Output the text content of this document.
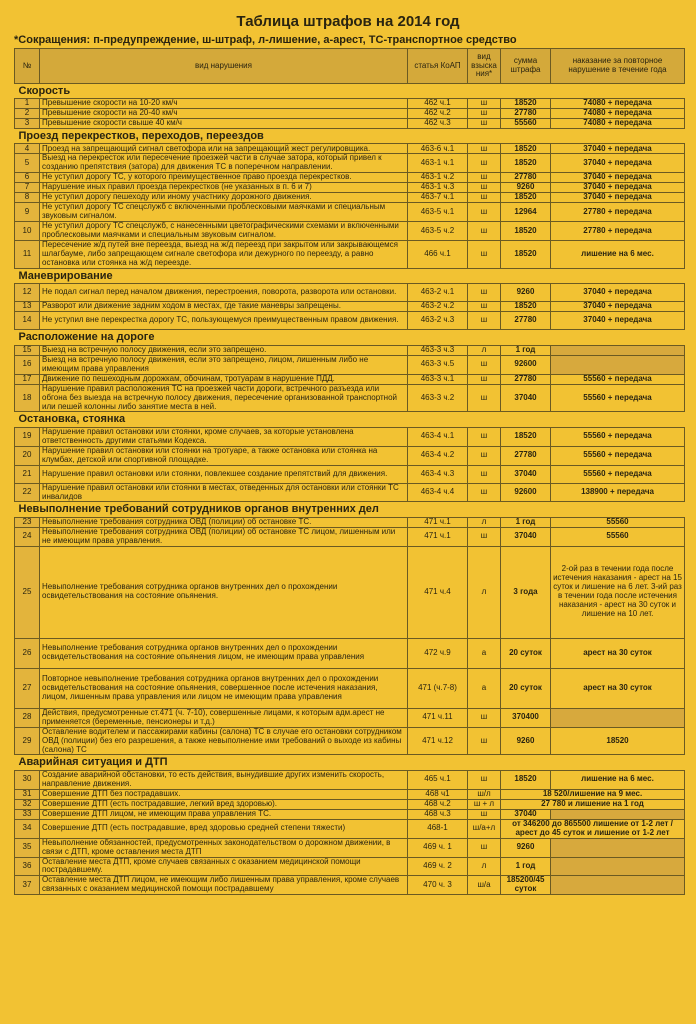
Таблица штрафов на 2014 год
*Сокращения: п-предупреждение, ш-штраф, л-лишение, а-арест, ТС-транспортное средство
№	вид нарушения	статья КоАП	вид взыска ния*	сумма штрафа	наказание за повторное нарушение в течение года
Скорость					
1	Превышение скорости на 10-20 км/ч	462 ч.1	ш	18520	74080 + передача
2	Превышение скорости на 20-40 км/ч	462 ч.2	ш	27780	74080 + передача
3	Превышение скорости свыше 40 км/ч	462 ч.3	ш	55560	74080 + передача
Проезд перекрестков, переходов, переездов					
4	Проезд на запрещающий сигнал светофора или на запрещающий жест регулировщика.	463-6 ч.1	ш	18520	37040 + передача
5	Выезд на перекресток или пересечение проезжей части в случае затора, который привел к созданию препятствия (затора) для движения ТС в поперечном направлении.	463-1 ч.1	ш	18520	37040 + передача
6	Не уступил дорогу ТС, у которого преимущественное право проезда перекрестков.	463-1 ч.2	ш	27780	37040 + передача
7	Нарушение иных правил проезда перекрестков (не указанных в п. 6 и 7)	463-1 ч.3	ш	9260	37040 + передача
8	Не уступил дорогу пешеходу или иному участнику дорожного движения.	463-7 ч.1	ш	18520	37040 + передача
9	Не уступил дорогу ТС спецслужб с включенными проблесковыми маячками и специальным звуковым сигналом.	463-5 ч.1	ш	12964	27780 + передача
10	Не уступил дорогу ТС спецслужб, с нанесенными цветографическими схемами и включенными проблесковыми маячками и специальным звуковым сигналом.	463-5 ч.2	ш	18520	27780 + передача
11	Пересечение ж/д путей вне переезда, выезд на ж/д переезд при закрытом или закрывающемся шлагбауме, либо запрещающем сигнале светофора или дежурного по переезду, а равно остановка или стоянка на ж/д переезде.	466 ч.1	ш	18520	лишение на 6 мес.
Маневрирование					
12	Не подал сигнал перед началом движения, перестроения, поворота, разворота или остановки.	463-2 ч.1	ш	9260	37040 + передача
13	Разворот или движение задним ходом в местах, где такие маневры запрещены.	463-2 ч.2	ш	18520	37040 + передача
14	Не уступил вне перекрестка дорогу ТС, пользующемуся преимущественным правом движения.	463-2 ч.3	ш	27780	37040 + передача
Расположение на дороге					
15	Выезд на встречную полосу движения, если это запрещено.	463-3 ч.3	л	1 год	
16	Выезд на встречную полосу движения, если это запрещено, лицом, лишенным либо не имеющим права управления	463-3 ч.5	ш	92600	
17	Движение по пешеходным дорожкам, обочинам, тротуарам в нарушение ПДД.	463-3 ч.1	ш	27780	55560 + передача
18	Нарушение правил расположения ТС на проезжей части дороги, встречного разъезда или обгона без выезда на встречную полосу движения, пересечение организованной транспортной или пешей колонны либо занятие места в ней.	463-3 ч.2	ш	37040	55560 + передача
Остановка, стоянка					
19	Нарушение правил остановки или стоянки, кроме случаев, за которые установлена ответственность другими статьями Кодекса.	463-4 ч.1	ш	18520	55560 + передача
20	Нарушение правил остановки или стоянки на тротуаре, а также остановка или стоянка на клумбах, детской или спортивной площадке.	463-4 ч.2	ш	27780	55560 + передача
21	Нарушение правил остановки или стоянки, повлекшее создание препятствий для движения.	463-4 ч.3	ш	37040	55560 + передача
22	Нарушение правил остановки или стоянки в местах, отведенных для остановки или стоянки ТС инвалидов	463-4 ч.4	ш	92600	138900 + передача
Невыполнение требований сотрудников органов внутренних дел					
23	Невыполнение требования сотрудника ОВД (полиции) об остановке ТС.	471 ч.1	л	1 год	55560
24	Невыполнение требования сотрудника ОВД (полиции) об остановке ТС лицом, лишенным или не имеющим права управления.	471 ч.1	ш	37040	55560
25	Невыполнение требования сотрудника органов внутренних дел о прохождении освидетельствования на состояние опьянения.	471 ч.4	л	3 года	2-ой раз в течении года после истечения наказания - арест на 15 суток и лишение на 6 лет. 3-ий раз в течении года после истечения наказания - арест на 30 суток и лишение на 10 лет.
26	Невыполнение требования сотрудника органов внутренних дел о прохождении освидетельствования на состояние опьянения лицом, не имеющим права управления	472 ч.9	а	20 суток	арест на 30 суток
27	Повторное невыполнение требования сотрудника органов внутренних дел о прохождении освидетельствования на состояние опьянения, совершенное после истечения наказания, лицом, лишенным права управления или лицом не имеющим права управления	471 (ч.7-8)	а	20 суток	арест на 30 суток
28	Действия, предусмотренные ст.471 (ч. 7-10), совершенные лицами, к которым адм.арест не применяется (беременные, пенсионеры и т.д.)	471 ч.11	ш	370400	
29	Оставление водителем и пассажирами кабины (салона) ТС в случае его остановки сотрудником ОВД (полиции) без его разрешения, а также невыполнение ими требований о выходе из кабины (салона) ТС	471 ч.12	ш	9260	18520
Аварийная ситуация и ДТП					
30	Создание аварийной обстановки, то есть действия, вынудившие других изменить скорость, направление движения.	465 ч.1	ш	18520	лишение на 6 мес.
31	Совершение ДТП без пострадавших.	468 ч1	ш/л	18 520/лишение на 9 мес.	
32	Совершение ДТП (есть пострадавшие, легкий вред здоровью).	468 ч.2	ш + л	27 780 и лишение на 1 год	
33	Совершение ДТП лицом, не имеющим права управления ТС.	468 ч.3	ш	37040	
34	Совершение ДТП (есть пострадавшие, вред здоровью средней степени тяжести)	468-1	ш/а+л	от 346200 до 865500 лишение от 1-2 лет / арест до 45 суток и лишение от 1-2 лет	
35	Невыполнение обязанностей, предусмотренных законодательством о дорожном движении, в связи с ДТП, кроме оставления места ДТП	469 ч. 1	ш	9260	
36	Оставление места ДТП, кроме случаев связанных с оказанием медицинской помощи пострадавшему.	469 ч. 2	л	1 год	
37	Оставление места ДТП лицом, не имеющим либо лишенным права управления, кроме случаев связанных с оказанием медицинской помощи пострадавшему	470 ч. 3	ш/а	185200/45 суток	
